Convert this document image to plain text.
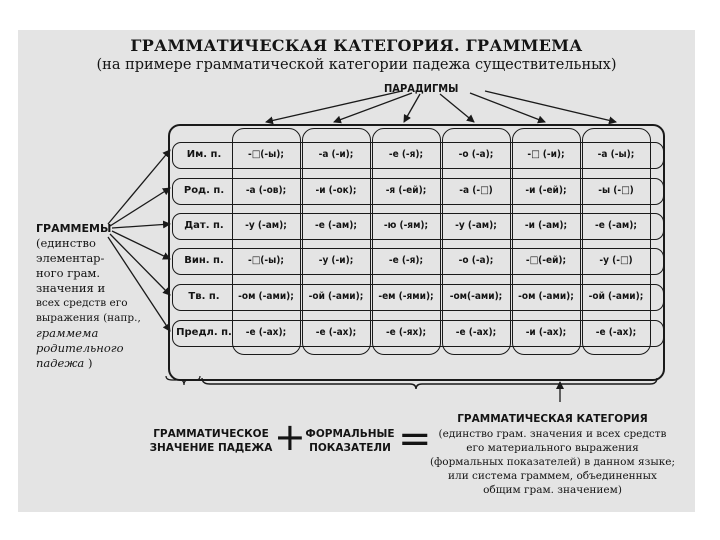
ГРАММАТИЧЕСКАЯ КАТЕГОРИЯ. ГРАММЕМА
(на примере грамматической категории падежа существительных)
ПАРАДИГМЫ
Им. п.	-□(-ы);	-а (-и);	-е (-я);	-о (-а);	-□ (-и);	-а (-ы);
Род. п.	-а (-ов);	-и (-ок);	-я (-ей);	-а (-□)	-и (-ей);	-ы (-□)
Дат. п.	-у (-ам);	-е (-ам);	-ю (-ям);	-у (-ам);	-и (-ам);	-е (-ам);
Вин. п.	-□(-ы);	-у (-и);	-е (-я);	-о (-а);	-□(-ей);	-у (-□)
Тв. п.	-ом (-ами);	-ой (-ами);	-ем (-ями);	-ом(-ами);	-ом (-ами);	-ой (-ами);
Предл. п.	-е (-ах);	-е (-ах);	-е (-ях);	-е (-ах);	-и (-ах);	-е (-ах);
ГРАММЕМЫ
(единство
элементар-
ного грам.
значения и
всех средств его
выражения (напр.,
граммема
родительного
падежа )
ГРАММАТИЧЕСКОЕ
ЗНАЧЕНИЕ ПАДЕЖА + ФОРМАЛЬНЫЕ
ПОКАЗАТЕЛИ =	ГРАММАТИЧЕСКАЯ КАТЕГОРИЯ
(единство грам. значения и всех средств
его материального выражения
(формальных показателей) в данном языке;
или система граммем, объединенных
общим грам. значением)
